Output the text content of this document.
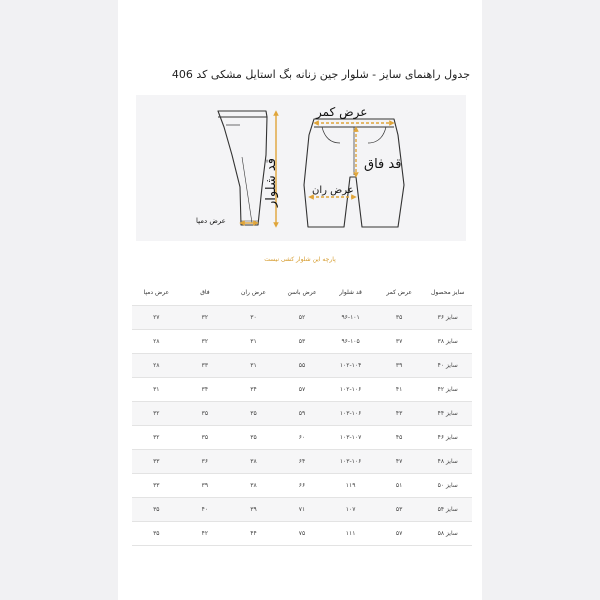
جدول راهنمای سایز - شلوار جین زنانه بگ استایل مشکی کد 406
عرض کمر
قد شلوار	قد فاق
عرض ران
عرض دمپا
پارچه این شلوار کشی نیست
سایز محصول	عرض کمر	قد شلوار	عرض باسن	عرض ران	فاق	عرض دمپا
سایز ۳۶	۳۵	۹۶-۱۰۱	۵۲	۳۰	۳۲	۲۷
سایز ۳۸	۳۷	۹۶-۱۰۵	۵۳	۳۱	۳۲	۲۸
سایز ۴۰	۳۹	۱۰۲-۱۰۴	۵۵	۳۱	۳۳	۲۸
سایز ۴۲	۴۱	۱۰۲-۱۰۶	۵۷	۳۴	۳۴	۳۱
سایز ۴۴	۴۳	۱۰۳-۱۰۶	۵۹	۳۵	۳۵	۳۲
سایز ۴۶	۴۵	۱۰۳-۱۰۷	۶۰	۳۵	۳۵	۳۲
سایز ۴۸	۴۷	۱۰۳-۱۰۶	۶۴	۳۸	۳۶	۳۳
سایز ۵۰	۵۱	۱۱۹	۶۶	۳۸	۳۹	۳۳
سایز ۵۴	۵۳	۱۰۷	۷۱	۳۹	۴۰	۳۵
سایز ۵۸	۵۷	۱۱۱	۷۵	۴۴	۴۲	۳۵
